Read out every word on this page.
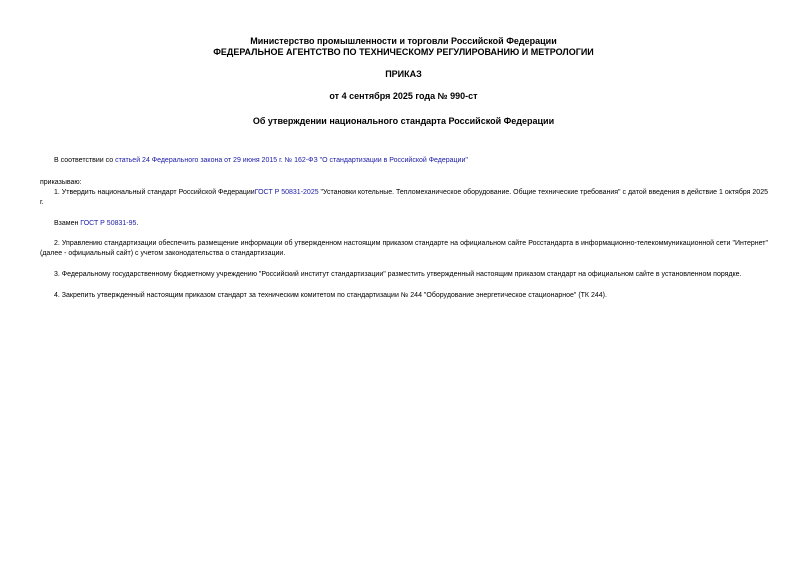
Министерство промышленности и торговли Российской Федерации
ФЕДЕРАЛЬНОЕ АГЕНТСТВО ПО ТЕХНИЧЕСКОМУ РЕГУЛИРОВАНИЮ И МЕТРОЛОГИИ
ПРИКАЗ
от 4 сентября 2025 года № 990-ст
Об утверждении национального стандарта Российской Федерации
В соответствии со статьей 24 Федерального закона от 29 июня 2015 г. № 162-ФЗ "О стандартизации в Российской Федерации"
приказываю:
1. Утвердить национальный стандарт Российской ФедерацииГОСТ Р 50831-2025 "Установки котельные. Тепломеханическое оборудование. Общие технические требования" с датой введения в действие 1 октября 2025 г.
Взамен ГОСТ Р 50831-95.
2. Управлению стандартизации обеспечить размещение информации об утвержденном настоящим приказом стандарте на официальном сайте Росстандарта в информационно-телекоммуникационной сети "Интернет" (далее - официальный сайт) с учетом законодательства о стандартизации.
3. Федеральному государственному бюджетному учреждению "Российский институт стандартизации" разместить утвержденный настоящим приказом стандарт на официальном сайте в установленном порядке.
4. Закрепить утвержденный настоящим приказом стандарт за техническим комитетом по стандартизации № 244 "Оборудование энергетическое стационарное" (ТК 244).
